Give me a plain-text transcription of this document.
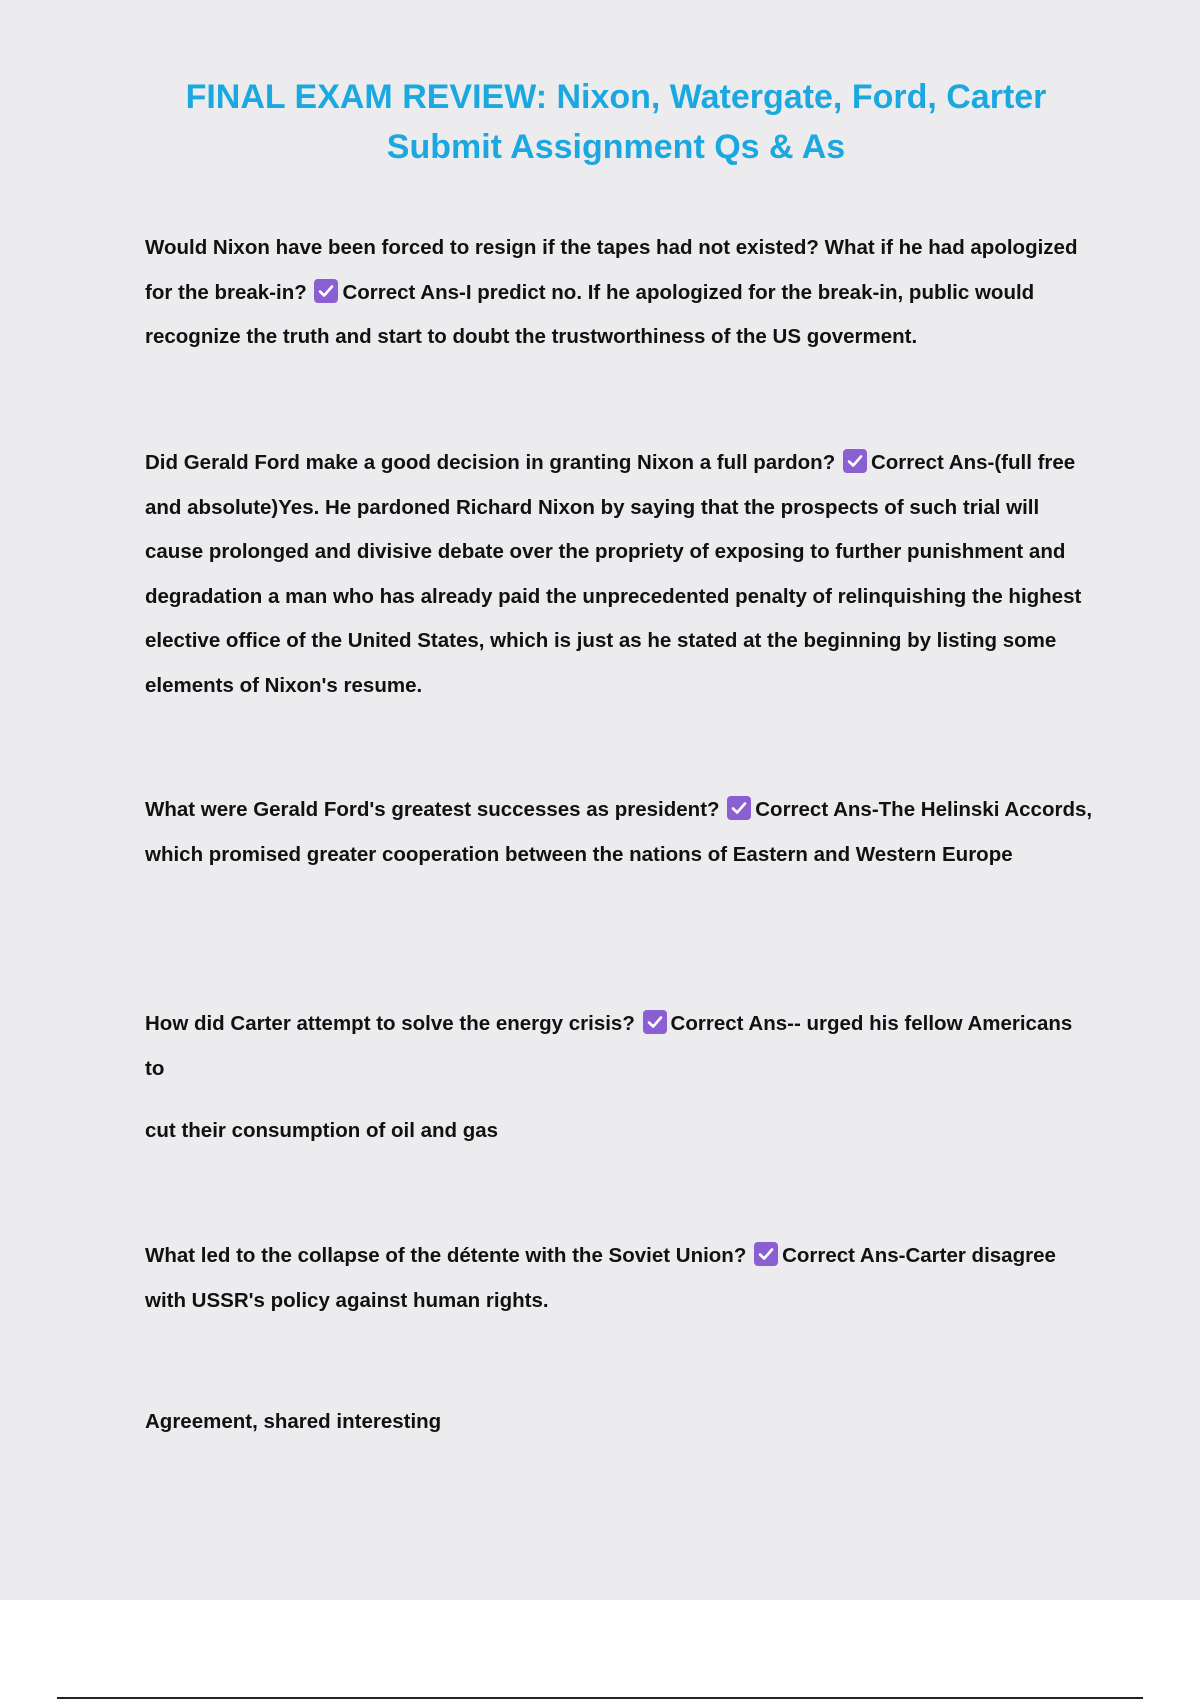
FINAL EXAM REVIEW: Nixon, Watergate, Ford, Carter
Submit Assignment Qs & As

Would Nixon have been forced to resign if the tapes had not existed? What if he had apologized for the break-in? Correct Ans-I predict no. If he apologized for the break-in, public would recognize the truth and start to doubt the trustworthiness of the US goverment.

Did Gerald Ford make a good decision in granting Nixon a full pardon? Correct Ans-(full free and absolute)Yes. He pardoned Richard Nixon by saying that the prospects of such trial will cause prolonged and divisive debate over the propriety of exposing to further punishment and degradation a man who has already paid the unprecedented penalty of relinquishing the highest elective office of the United States, which is just as he stated at the beginning by listing some elements of Nixon's resume.

What were Gerald Ford's greatest successes as president? Correct Ans-The Helinski Accords, which promised greater cooperation between the nations of Eastern and Western Europe

How did Carter attempt to solve the energy crisis? Correct Ans-- urged his fellow Americans to

cut their consumption of oil and gas

What led to the collapse of the détente with the Soviet Union? Correct Ans-Carter disagree with USSR's policy against human rights.

Agreement, shared interesting
